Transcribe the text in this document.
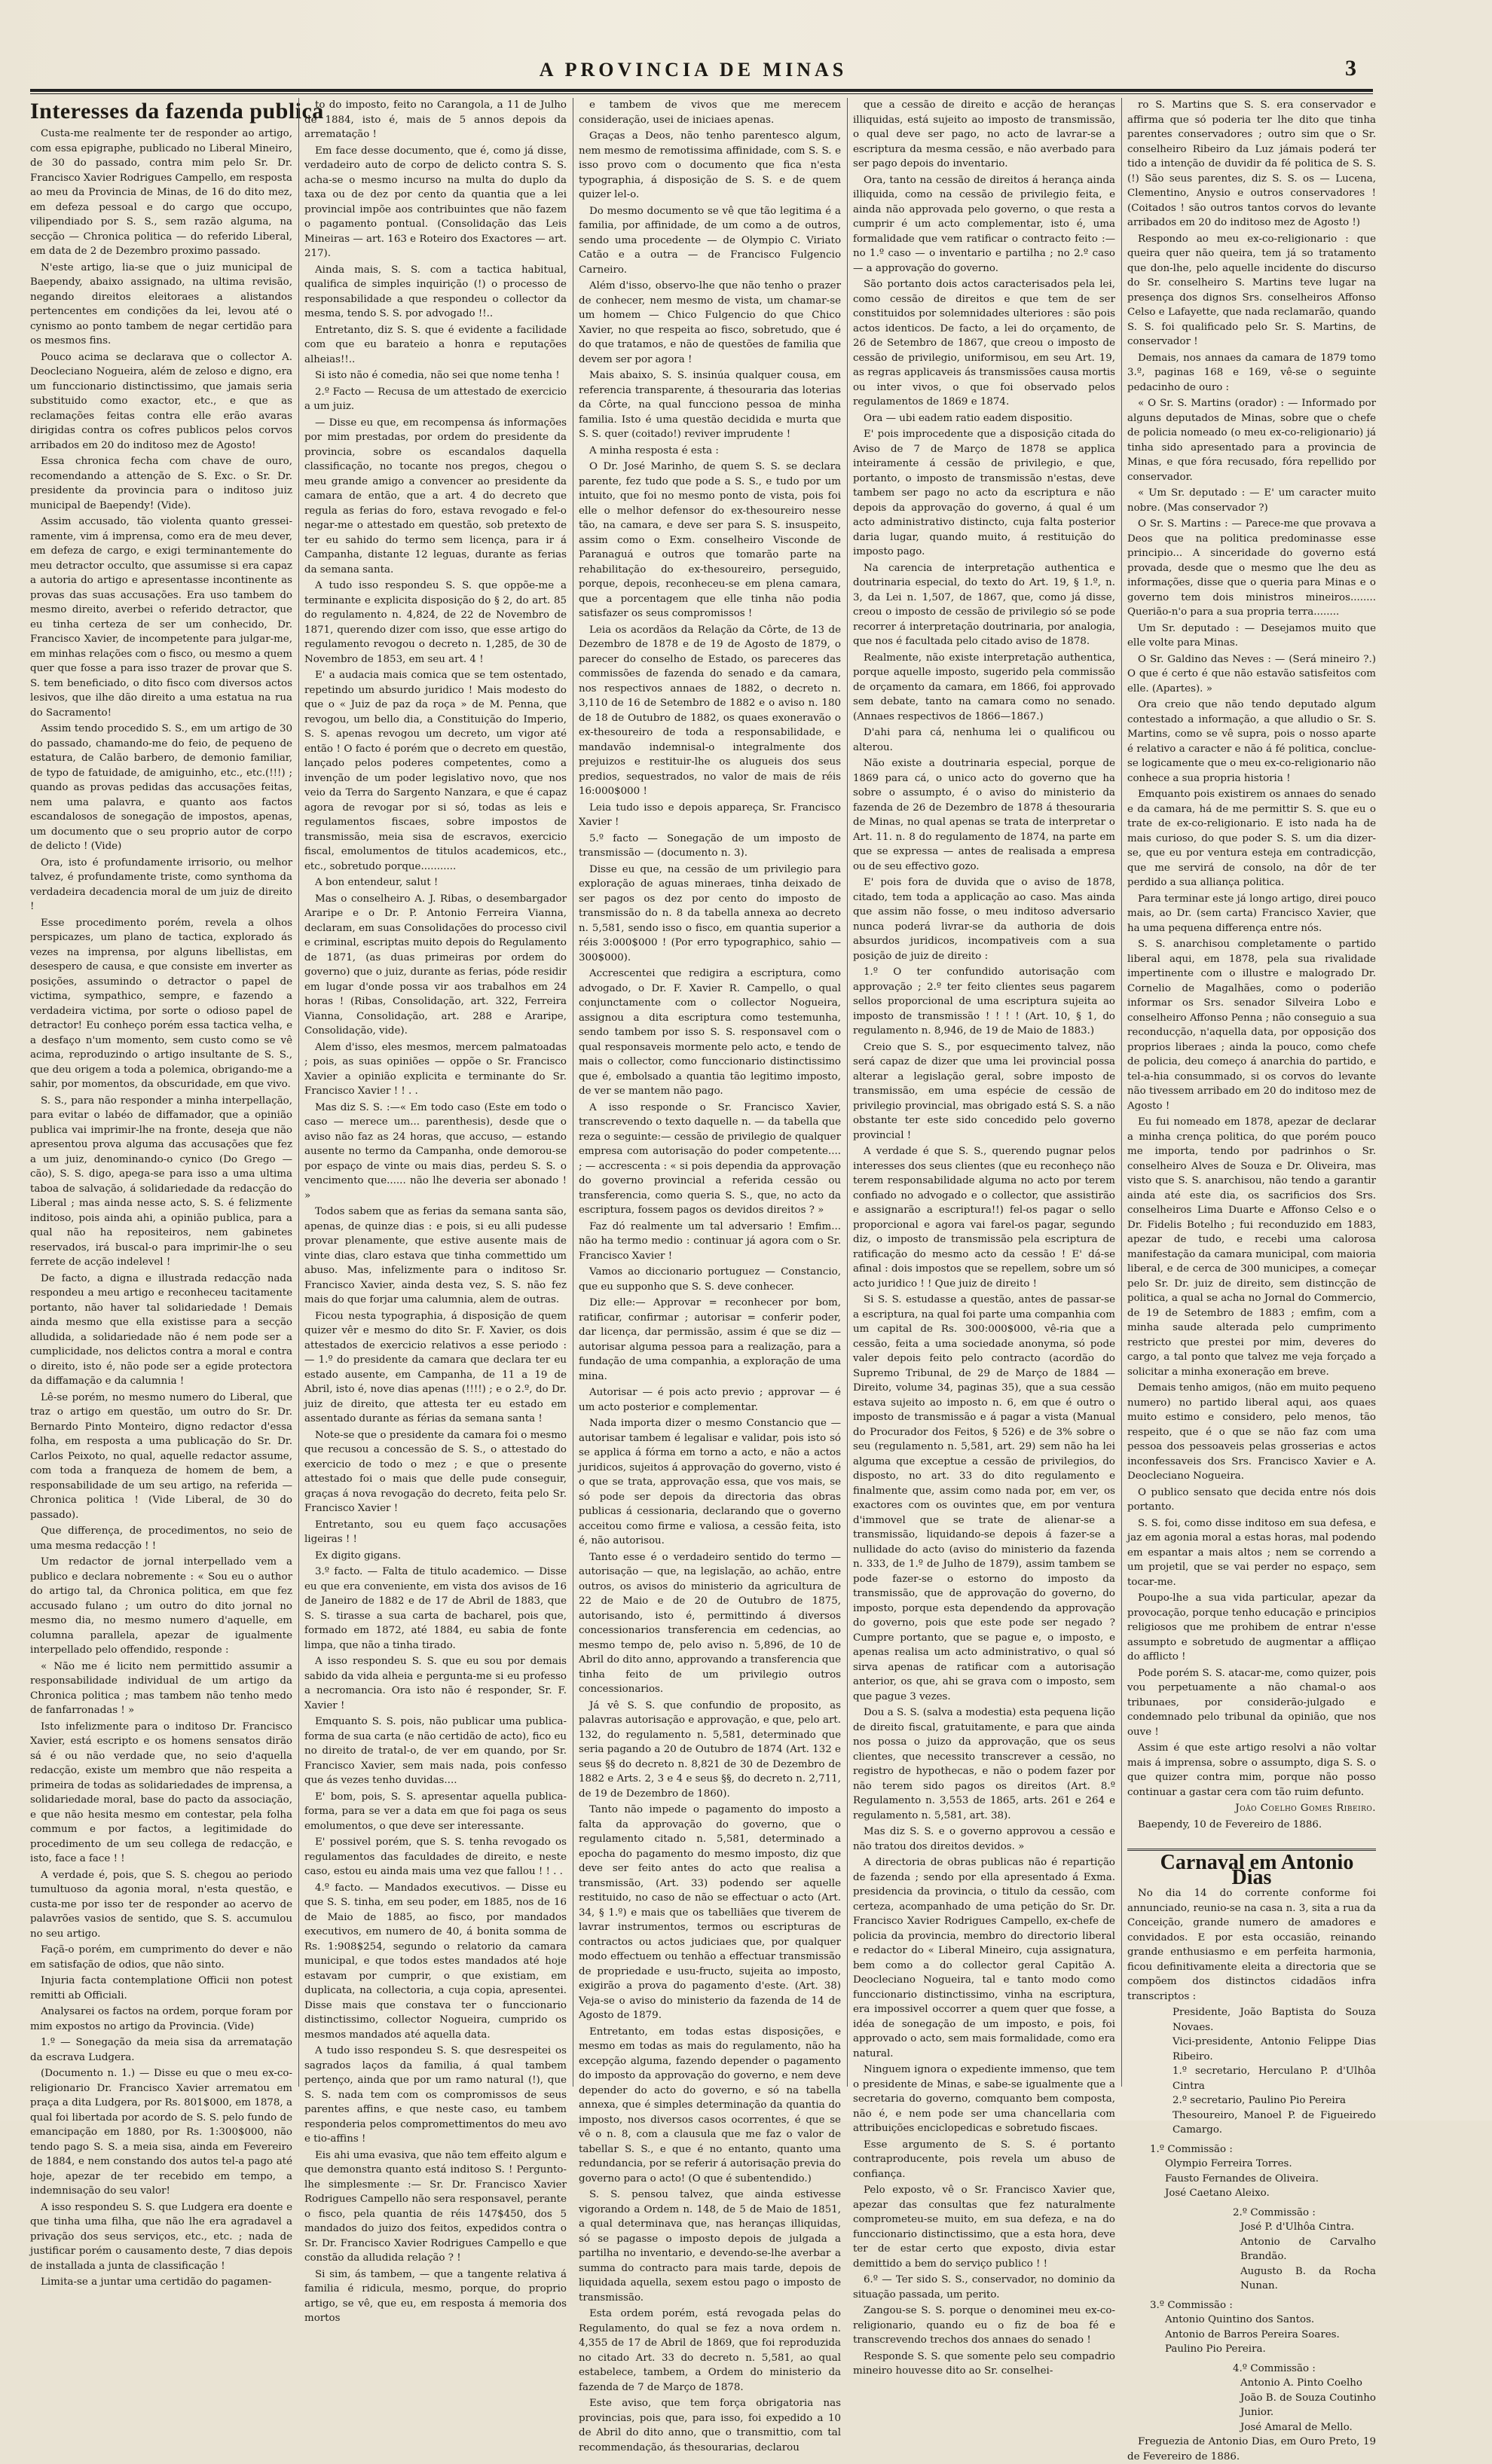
A PROVINCIA DE MINAS	3

Interesses da fazenda publica

Custa-me realmente ter de responder ao artigo, com essa epigraphe, publicado no Liberal Mineiro, de 30 do passado, contra mim pelo Sr. Dr. Francisco Xavier Rodrigues Campello, em resposta ao meu da Provincia de Minas, de 16 do dito mez, em defeza pessoal e do cargo que occupo, vilipendiado por S. S., sem razão alguma, na secção — Chronica politica — do referido Liberal, em data de 2 de Dezembro proximo passado.

N'este artigo, lia-se que o juiz municipal de Baependy, abaixo assignado, na ultima revisão, negando direitos eleitoraes a alistandos pertencentes em condições da lei, levou até o cynismo ao ponto tambem de negar certidão para os mesmos fins.

Pouco acima se declarava que o collector A. Deocleciano Nogueira, além de zeloso e digno, era um funccionario distinctissimo, que jamais seria substituido como exactor, etc., e que as reclamações feitas contra elle erão avaras dirigidas contra os cofres publicos pelos corvos arribados em 20 do inditoso mez de Agosto!

Essa chronica fecha com chave de ouro, recomendando a attenção de S. Exc. o Sr. Dr. presidente da provincia para o inditoso juiz municipal de Baependy! (Vide).

Assim accusado, tão violenta quanto gresseiramente, vim á imprensa, como era de meu dever, em defeza de cargo, e exigi terminantemente do meu detractor occulto, que assumisse si era capaz a autoria do artigo e apresentasse incontinente as provas das suas accusações. Era uso tambem do mesmo direito, averbei o referido detractor, que eu tinha certeza de ser um conhecido, Dr. Francisco Xavier, de incompetente para julgar-me, em minhas relações com o fisco, ou mesmo a quem quer que fosse a para isso trazer de provar que S. S. tem beneficiado, o dito fisco com diversos actos lesivos, que ilhe dão direito a uma estatua na rua do Sacramento!

Assim tendo procedido S. S., em um artigo de 30 do passado, chamando-me do feio, de pequeno de estatura, de Calão barbero, de demonio familiar, de typo de fatuidade, de amiguinho, etc., etc.(!!!) ; quando as provas pedidas das accusações feitas, nem uma palavra, e quanto aos factos escandalosos de sonegação de impostos, apenas, um documento que o seu proprio autor de corpo de delicto ! (Vide)

Ora, isto é profundamente irrisorio, ou melhor talvez, é profundamente triste, como synthoma da verdadeira decadencia moral de um juiz de direito !

Esse procedimento porém, revela a olhos perspicazes, um plano de tactica, explorado ás vezes na imprensa, por alguns libellistas, em desespero de causa, e que consiste em inverter as posições, assumindo o detractor o papel de victima, sympathico, sempre, e fazendo a verdadeira victima, por sorte o odioso papel de detractor! Eu conheço porém essa tactica velha, e a desfaço n'um momento, sem custo como se vê acima, reproduzindo o artigo insultante de S. S., que deu origem a toda a polemica, obrigando-me a sahir, por momentos, da obscuridade, em que vivo.

S. S., para não responder a minha interpellação, para evitar o labéo de diffamador, que a opinião publica vai imprimir-lhe na fronte, deseja que não apresentou prova alguma das accusações que fez a um juiz, denominando-o cynico (Do Grego — cão), S. S. digo, apega-se para isso a uma ultima taboa de salvação, á solidariedade da redacção do Liberal ; mas ainda nesse acto, S. S. é felizmente inditoso, pois ainda ahi, a opinião publica, para a qual não ha repositeiros, nem gabinetes reservados, irá buscal-o para imprimir-lhe o seu ferrete de acção indelevel !

De facto, a digna e illustrada redacção nada respondeu a meu artigo e reconheceu tacitamente portanto, não haver tal solidariedade ! Demais ainda mesmo que ella existisse para a secção alludida, a solidariedade não é nem pode ser a cumplicidade, nos delictos contra a moral e contra o direito, isto é, não pode ser a egide protectora da diffamação e da calumnia !

Lê-se porém, no mesmo numero do Liberal, que traz o artigo em questão, um outro do Sr. Dr. Bernardo Pinto Monteiro, digno redactor d'essa folha, em resposta a uma publicação do Sr. Dr. Carlos Peixoto, no qual, aquelle redactor assume, com toda a franqueza de homem de bem, a responsabilidade de um seu artigo, na referida — Chronica politica ! (Vide Liberal, de 30 do passado).

Que differença, de procedimentos, no seio de uma mesma redacção ! !

Um redactor de jornal interpellado vem a publico e declara nobremente : « Sou eu o author do artigo tal, da Chronica politica, em que fez accusado fulano ; um outro do dito jornal no mesmo dia, no mesmo numero d'aquelle, em columna parallela, apezar de igualmente interpellado pelo offendido, responde :

« Não me é licito nem permittido assumir a responsabilidade individual de um artigo da Chronica politica ; mas tambem não tenho medo de fanfarronadas ! »

Isto infelizmente para o inditoso Dr. Francisco Xavier, está escripto e os homens sensatos dirão sá é ou não verdade que, no seio d'aquella redacção, existe um membro que não respeita a primeira de todas as solidariedades de imprensa, a solidariedade moral, base do pacto da associação, e que não hesita mesmo em contestar, pela folha commum e por factos, a legitimidade do procedimento de um seu collega de redacção, e isto, face a face ! !

A verdade é, pois, que S. S. chegou ao periodo tumultuoso da agonia moral, n'esta questão, e custa-me por isso ter de responder ao acervo de palavrões vasios de sentido, que S. S. accumulou no seu artigo.

Façã-o porém, em cumprimento do dever e não em satisfação de odios, que não sinto.

Injuria facta contemplatione Officii non potest remitti ab Officiali.

Analysarei os factos na ordem, porque foram por mim expostos no artigo da Provincia. (Vide)

1.º — Sonegação da meia sisa da arrematação da escrava Ludgera.

(Documento n. 1.) — Disse eu que o meu ex-co-religionario Dr. Francisco Xavier arrematou em praça a dita Ludgera, por Rs. 801$000, em 1878, a qual foi libertada por acordo de S. S. pelo fundo de emancipação em 1880, por Rs. 1:300$000, não tendo pago S. S. a meia sisa, ainda em Fevereiro de 1884, e nem constando dos autos tel-a pago até hoje, apezar de ter recebido em tempo, a indemnisação do seu valor!

A isso respondeu S. S. que Ludgera era doente e que tinha uma filha, que não lhe era agradavel a privação dos seus serviços, etc., etc. ; nada de justificar porém o causamento deste, 7 dias depois de installada a junta de classificação !

Limita-se a juntar uma certidão do pagamen-

to do imposto, feito no Carangola, a 11 de Julho de 1884, isto é, mais de 5 annos depois da arrematação !

Em face desse documento, que é, como já disse, verdadeiro auto de corpo de delicto contra S. S. acha-se o mesmo incurso na multa do duplo da taxa ou de dez por cento da quantia que a lei provincial impõe aos contribuintes que não fazem o pagamento pontual. (Consolidação das Leis Mineiras — art. 163 e Roteiro dos Exactores — art. 217).

Ainda mais, S. S. com a tactica habitual, qualifica de simples inquirição (!) o processo de responsabilidade a que respondeu o collector da mesma, tendo S. S. por advogado !!..

Entretanto, diz S. S. que é evidente a facilidade com que eu barateio a honra e reputações alheias!!..

Si isto não é comedia, não sei que nome tenha !

2.º Facto — Recusa de um attestado de exercicio a um juiz.

— Disse eu que, em recompensa ás informações por mim prestadas, por ordem do presidente da provincia, sobre os escandalos daquella classificação, no tocante nos pregos, chegou o meu grande amigo a convencer ao presidente da camara de então, que a art. 4 do decreto que regula as ferias do foro, estava revogado e fel-o negar-me o attestado em questão, sob pretexto de ter eu sahido do termo sem licença, para ir á Campanha, distante 12 leguas, durante as ferias da semana santa.

A tudo isso respondeu S. S. que oppõe-me a terminante e explicita disposição do § 2, do art. 85 do regulamento n. 4,824, de 22 de Novembro de 1871, querendo dizer com isso, que esse artigo do regulamento revogou o decreto n. 1,285, de 30 de Novembro de 1853, em seu art. 4 !

E' a audacia mais comica que se tem ostentado, repetindo um absurdo juridico ! Mais modesto do que o « Juiz de paz da roça » de M. Penna, que revogou, um bello dia, a Constituição do Imperio, S. S. apenas revogou um decreto, um vigor até então ! O facto é porém que o decreto em questão, lançado pelos poderes competentes, como a invenção de um poder legislativo novo, que nos veio da Terra do Sargento Nanzara, e que é capaz agora de revogar por si só, todas as leis e regulamentos fiscaes, sobre impostos de transmissão, meia sisa de escravos, exercicio fiscal, emolumentos de titulos academicos, etc., etc., sobretudo porque...........

A bon entendeur, salut !

Mas o conselheiro A. J. Ribas, o desembargador Araripe e o Dr. P. Antonio Ferreira Vianna, declaram, em suas Consolidações do processo civil e criminal, escriptas muito depois do Regulamento de 1871, (as duas primeiras por ordem do governo) que o juiz, durante as ferias, póde residir em lugar d'onde possa vir aos trabalhos em 24 horas ! (Ribas, Consolidação, art. 322, Ferreira Vianna, Consolidação, art. 288 e Araripe, Consolidação, vide).

Alem d'isso, eles mesmos, mercem palmatoadas ; pois, as suas opiniões — oppõe o Sr. Francisco Xavier a opinião explicita e terminante do Sr. Francisco Xavier ! ! . .

Mas diz S. S. :—« Em todo caso (Este em todo o caso — merece um... parenthesis), desde que o aviso não faz as 24 horas, que accuso, — estando ausente no termo da Campanha, onde demorou-se por espaço de vinte ou mais dias, perdeu S. S. o vencimento que...... não lhe deveria ser abonado ! »

Todos sabem que as ferias da semana santa são, apenas, de quinze dias : e pois, si eu alli pudesse provar plenamente, que estive ausente mais de vinte dias, claro estava que tinha commettido um abuso. Mas, infelizmente para o inditoso Sr. Francisco Xavier, ainda desta vez, S. S. não fez mais do que forjar uma calumnia, alem de outras.

Ficou nesta typographia, á disposição de quem quizer vêr e mesmo do dito Sr. F. Xavier, os dois attestados de exercicio relativos a esse periodo : — 1.º do presidente da camara que declara ter eu estado ausente, em Campanha, de 11 a 19 de Abril, isto é, nove dias apenas (!!!!) ; e o 2.º, do Dr. juiz de direito, que attesta ter eu estado em assentado durante as férias da semana santa !

Note-se que o presidente da camara foi o mesmo que recusou a concessão de S. S., o attestado do exercicio de todo o mez ; e que o presente attestado foi o mais que delle pude conseguir, graças á nova revogação do decreto, feita pelo Sr. Francisco Xavier !

Entretanto, sou eu quem faço accusações ligeiras ! !

Ex digito gigans.

3.º facto. — Falta de titulo academico. — Disse eu que era conveniente, em vista dos avisos de 16 de Janeiro de 1882 e de 17 de Abril de 1883, que S. S. tirasse a sua carta de bacharel, pois que, formado em 1872, até 1884, eu sabia de fonte limpa, que não a tinha tirado.

A isso respondeu S. S. que eu sou por demais sabido da vida alheia e pergunta-me si eu professo a necromancia. Ora isto não é responder, Sr. F. Xavier !

Emquanto S. S. pois, não publicar uma publica-forma de sua carta (e não certidão de acto), fico eu no direito de tratal-o, de ver em quando, por Sr. Francisco Xavier, sem mais nada, pois confesso que ás vezes tenho duvidas....

E' bom, pois, S. S. apresentar aquella publica-forma, para se ver a data em que foi paga os seus emolumentos, o que deve ser interessante.

E' possivel porém, que S. S. tenha revogado os regulamentos das faculdades de direito, e neste caso, estou eu ainda mais uma vez que fallou ! ! . .

4.º facto. — Mandados executivos. — Disse eu que S. S. tinha, em seu poder, em 1885, nos de 16 de Maio de 1885, ao fisco, por mandados executivos, em numero de 40, á bonita somma de Rs. 1:908$254, segundo o relatorio da camara municipal, e que todos estes mandados até hoje estavam por cumprir, o que existiam, em duplicata, na collectoria, a cuja copia, apresentei. Disse mais que constava ter o funccionario distinctissimo, collector Nogueira, cumprido os mesmos mandados até aquella data.

A tudo isso respondeu S. S. que desrespeitei os sagrados laços da familia, á qual tambem pertenço, ainda que por um ramo natural (!), que S. S. nada tem com os compromissos de seus parentes affins, e que neste caso, eu tambem responderia pelos compromettimentos do meu avo e tio-affins !

Eis ahi uma evasiva, que não tem effeito algum e que demonstra quanto está inditoso S. ! Pergunto-lhe simplesmente :— Sr. Dr. Francisco Xavier Rodrigues Campello não sera responsavel, perante o fisco, pela quantia de réis 147$450, dos 5 mandados do juizo dos feitos, expedidos contra o Sr. Dr. Francisco Xavier Rodrigues Campello e que constão da alludida relação ? !

Si sim, ás tambem, — que a tangente relativa á familia é ridicula, mesmo, porque, do proprio artigo, se vê, que eu, em resposta á memoria dos mortos

e tambem de vivos que me merecem consideração, usei de iniciaes apenas.

Graças a Deos, não tenho parentesco algum, nem mesmo de remotissima affinidade, com S. S. e isso provo com o documento que fica n'esta typographia, á disposição de S. S. e de quem quizer lel-o.

Do mesmo documento se vê que tão legitima é a familia, por affinidade, de um como a de outros, sendo uma procedente — de Olympio C. Viriato Catão e a outra — de Francisco Fulgencio Carneiro.

Além d'isso, observo-lhe que não tenho o prazer de conhecer, nem mesmo de vista, um chamar-se um homem — Chico Fulgencio do que Chico Xavier, no que respeita ao fisco, sobretudo, que é do que tratamos, e não de questões de familia que devem ser por agora !

Mais abaixo, S. S. insinúa qualquer cousa, em referencia transparente, á thesouraria das loterias da Côrte, na qual funcciono pessoa de minha familia. Isto é uma questão decidida e murta que S. S. quer (coitado!) reviver imprudente !

A minha resposta é esta :

O Dr. José Marinho, de quem S. S. se declara parente, fez tudo que pode a S. S., e tudo por um intuito, que foi no mesmo ponto de vista, pois foi elle o melhor defensor do ex-thesoureiro nesse tão, na camara, e deve ser para S. S. insuspeito, assim como o Exm. conselheiro Visconde de Paranaguá e outros que tomarão parte na rehabilitação do ex-thesoureiro, perseguido, porque, depois, reconheceu-se em plena camara, que a porcentagem que elle tinha não podia satisfazer os seus compromissos !

Leia os acordãos da Relação da Côrte, de 13 de Dezembro de 1878 e de 19 de Agosto de 1879, o parecer do conselho de Estado, os pareceres das commissões de fazenda do senado e da camara, nos respectivos annaes de 1882, o decreto n. 3,110 de 16 de Setembro de 1882 e o aviso n. 180 de 18 de Outubro de 1882, os quaes exoneravão o ex-thesoureiro de toda a responsabilidade, e mandavão indemnisal-o integralmente dos prejuizos e restituir-lhe os alugueis dos seus predios, sequestrados, no valor de mais de réis 16:000$000 !

Leia tudo isso e depois appareça, Sr. Francisco Xavier !

5.º facto — Sonegação de um imposto de transmissão — (documento n. 3).

Disse eu que, na cessão de um privilegio para exploração de aguas mineraes, tinha deixado de ser pagos os dez por cento do imposto de transmissão do n. 8 da tabella annexa ao decreto n. 5,581, sendo isso o fisco, em quantia superior a réis 3:000$000 ! (Por erro typographico, sahio — 300$000).

Accrescentei que redigira a escriptura, como advogado, o Dr. F. Xavier R. Campello, o qual conjunctamente com o collector Nogueira, assignou a dita escriptura como testemunha, sendo tambem por isso S. S. responsavel com o qual responsaveis mormente pelo acto, e tendo de mais o collector, como funccionario distinctissimo que é, embolsado a quantia tão legitimo imposto, de ver se mantem não pago.

A isso responde o Sr. Francisco Xavier, transcrevendo o texto daquelle n. — da tabella que reza o seguinte:— cessão de privilegio de qualquer empresa com autorisação do poder competente.... ; — accrescenta : « si pois dependia da approvação do governo provincial a referida cessão ou transferencia, como queria S. S., que, no acto da escriptura, fossem pagos os devidos direitos ? »

Faz dó realmente um tal adversario ! Emfim... não ha termo medio : continuar já agora com o Sr. Francisco Xavier !

Vamos ao diccionario portuguez — Constancio, que eu supponho que S. S. deve conhecer.

Diz elle:— Approvar = reconhecer por bom, ratificar, confirmar ; autorisar = conferir poder, dar licença, dar permissão, assim é que se diz — autorisar alguma pessoa para a realização, para a fundação de uma companhia, a exploração de uma mina.

Autorisar — é pois acto previo ; approvar — é um acto posterior e complementar.

Nada importa dizer o mesmo Constancio que — autorisar tambem é legalisar e validar, pois isto só se applica á fórma em torno a acto, e não a actos juridicos, sujeitos á approvação do governo, visto é o que se trata, approvação essa, que vos mais, se só pode ser depois da directoria das obras publicas á cessionaria, declarando que o governo acceitou como firme e valiosa, a cessão feita, isto é, não autorisou.

Tanto esse é o verdadeiro sentido do termo — autorisação — que, na legislação, ao achão, entre outros, os avisos do ministerio da agricultura de 22 de Maio e de 20 de Outubro de 1875, autorisando, isto é, permittindo á diversos concessionarios transferencia em cedencias, ao mesmo tempo de, pelo aviso n. 5,896, de 10 de Abril do dito anno, approvando a transferencia que tinha feito de um privilegio outros concessionarios.

Já vê S. S. que confundio de proposito, as palavras autorisação e approvação, e que, pelo art. 132, do regulamento n. 5,581, determinado que seria pagando a 20 de Outubro de 1874 (Art. 132 e seus §§ do decreto n. 8,821 de 30 de Dezembro de 1882 e Arts. 2, 3 e 4 e seus §§, do decreto n. 2,711, de 19 de Dezembro de 1860).

Tanto não impede o pagamento do imposto a falta da approvação do governo, que o regulamento citado n. 5,581, determinado a epocha do pagamento do mesmo imposto, diz que deve ser feito antes do acto que realisa a transmissão, (Art. 33) podendo ser aquelle restituido, no caso de não se effectuar o acto (Art. 34, § 1.º) e mais que os tabelliães que tiverem de lavrar instrumentos, termos ou escripturas de contractos ou actos judiciaes que, por qualquer modo effectuem ou tenhão a effectuar transmissão de propriedade e usu-fructo, sujeita ao imposto, exigirão a prova do pagamento d'este. (Art. 38) Veja-se o aviso do ministerio da fazenda de 14 de Agosto de 1879.

Entretanto, em todas estas disposições, e mesmo em todas as mais do regulamento, não ha excepção alguma, fazendo depender o pagamento do imposto da approvação do governo, e nem deve depender do acto do governo, e só na tabella annexa, que é simples determinação da quantia do imposto, nos diversos casos ocorrentes, é que se vê o n. 8, com a clausula que me faz o valor de tabellar S. S., e que é no entanto, quanto uma redundancia, por se referir á autorisação previa do governo para o acto! (O que é subentendido.)

S. S. pensou talvez, que ainda estivesse vigorando a Ordem n. 148, de 5 de Maio de 1851, a qual determinava que, nas heranças illiquidas, só se pagasse o imposto depois de julgada a partilha no inventario, e devendo-se-lhe averbar a summa do contracto para mais tarde, depois de liquidada aquella, sexem estou pago o imposto de transmissão.

Esta ordem porém, está revogada pelas do Regulamento, do qual se fez a nova ordem n. 4,355 de 17 de Abril de 1869, que foi reproduzida no citado Art. 33 do decreto n. 5,581, ao qual estabelece, tambem, a Ordem do ministerio da fazenda de 7 de Março de 1878.

Este aviso, que tem força obrigatoria nas provincias, pois que, para isso, foi expedido a 10 de Abril do dito anno, que o transmittio, com tal recommendação, ás thesourarias, declarou

que a cessão de direito e acção de heranças illiquidas, está sujeito ao imposto de transmissão, o qual deve ser pago, no acto de lavrar-se a escriptura da mesma cessão, e não averbado para ser pago depois do inventario.

Ora, tanto na cessão de direitos á herança ainda illiquida, como na cessão de privilegio feita, e ainda não approvada pelo governo, o que resta a cumprir é um acto complementar, isto é, uma formalidade que vem ratificar o contracto feito :— no 1.º caso — o inventario e partilha ; no 2.º caso — a approvação do governo.

São portanto dois actos caracterisados pela lei, como cessão de direitos e que tem de ser constituidos por solemnidades ulteriores : são pois actos identicos. De facto, a lei do orçamento, de 26 de Setembro de 1867, que creou o imposto de cessão de privilegio, uniformisou, em seu Art. 19, as regras applicaveis ás transmissões causa mortis ou inter vivos, o que foi observado pelos regulamentos de 1869 e 1874.

Ora — ubi eadem ratio eadem dispositio.

E' pois improcedente que a disposição citada do Aviso de 7 de Março de 1878 se applica inteiramente á cessão de privilegio, e que, portanto, o imposto de transmissão n'estas, deve tambem ser pago no acto da escriptura e não depois da approvação do governo, á qual é um acto administrativo distincto, cuja falta posterior daria lugar, quando muito, á restituição do imposto pago.

Na carencia de interpretação authentica e doutrinaria especial, do texto do Art. 19, § 1.º, n. 3, da Lei n. 1,507, de 1867, que, como já disse, creou o imposto de cessão de privilegio só se pode recorrer á interpretação doutrinaria, por analogia, que nos é facultada pelo citado aviso de 1878.

Realmente, não existe interpretação authentica, porque aquelle imposto, sugerido pela commissão de orçamento da camara, em 1866, foi approvado sem debate, tanto na camara como no senado. (Annaes respectivos de 1866—1867.)

D'ahi para cá, nenhuma lei o qualificou ou alterou.

Não existe a doutrinaria especial, porque de 1869 para cá, o unico acto do governo que ha sobre o assumpto, é o aviso do ministerio da fazenda de 26 de Dezembro de 1878 á thesouraria de Minas, no qual apenas se trata de interpretar o Art. 11. n. 8 do regulamento de 1874, na parte em que se expressa — antes de realisada a empresa ou de seu effectivo gozo.

E' pois fora de duvida que o aviso de 1878, citado, tem toda a applicação ao caso. Mas ainda que assim não fosse, o meu inditoso adversario nunca poderá livrar-se da authoria de dois absurdos juridicos, incompativeis com a sua posição de juiz de direito :

1.º O ter confundido autorisação com approvação ; 2.º ter feito clientes seus pagarem sellos proporcional de uma escriptura sujeita ao imposto de transmissão ! ! ! ! (Art. 10, § 1, do regulamento n. 8,946, de 19 de Maio de 1883.)

Creio que S. S., por esquecimento talvez, não será capaz de dizer que uma lei provincial possa alterar a legislação geral, sobre imposto de transmissão, em uma espécie de cessão de privilegio provincial, mas obrigado está S. S. a não obstante ter este sido concedido pelo governo provincial !

A verdade é que S. S., querendo pugnar pelos interesses dos seus clientes (que eu reconheço não terem responsabilidade alguma no acto por terem confiado no advogado e o collector, que assistirão e assignarão a escriptura!!) fel-os pagar o sello proporcional e agora vai farel-os pagar, segundo diz, o imposto de transmissão pela escriptura de ratificação do mesmo acto da cessão ! E' dá-se afinal : dois impostos que se repellem, sobre um só acto juridico ! ! Que juiz de direito !

Si S. S. estudasse a questão, antes de passar-se a escriptura, na qual foi parte uma companhia com um capital de Rs. 300:000$000, vê-ria que a cessão, feita a uma sociedade anonyma, só pode valer depois feito pelo contracto (acordão do Supremo Tribunal, de 29 de Março de 1884 — Direito, volume 34, paginas 35), que a sua cessão estava sujeito ao imposto n. 6, em que é outro o imposto de transmissão e á pagar a vista (Manual do Procurador dos Feitos, § 526) e de 3% sobre o seu (regulamento n. 5,581, art. 29) sem não ha lei alguma que exceptue a cessão de privilegios, do disposto, no art. 33 do dito regulamento e finalmente que, assim como nada por, em ver, os exactores com os ouvintes que, em por ventura d'immovel que se trate de alienar-se a transmissão, liquidando-se depois á fazer-se a nullidade do acto (aviso do ministerio da fazenda n. 333, de 1.º de Julho de 1879), assim tambem se pode fazer-se o estorno do imposto da transmissão, que de approvação do governo, do imposto, porque esta dependendo da approvação do governo, pois que este pode ser negado ? Cumpre portanto, que se pague e, o imposto, e apenas realisa um acto administrativo, o qual só sirva apenas de ratificar com a autorisação anterior, os que, ahi se grava com o imposto, sem que pague 3 vezes.

Dou a S. S. (salva a modestia) esta pequena lição de direito fiscal, gratuitamente, e para que ainda nos possa o juizo da approvação, que os seus clientes, que necessito transcrever a cessão, no registro de hypothecas, e não o podem fazer por não terem sido pagos os direitos (Art. 8.º Regulamento n. 3,553 de 1865, arts. 261 e 264 e regulamento n. 5,581, art. 38).

Mas diz S. S. e o governo approvou a cessão e não tratou dos direitos devidos. »

A directoria de obras publicas não é repartição de fazenda ; sendo por ella apresentado á Exma. presidencia da provincia, o titulo da cessão, com certeza, acompanhado de uma petição do Sr. Dr. Francisco Xavier Rodrigues Campello, ex-chefe de policia da provincia, membro do directorio liberal e redactor do « Liberal Mineiro, cuja assignatura, bem como a do collector geral Capitão A. Deocleciano Nogueira, tal e tanto modo como funccionario distinctissimo, vinha na escriptura, era impossivel occorrer a quem quer que fosse, a idéa de sonegação de um imposto, e pois, foi approvado o acto, sem mais formalidade, como era natural.

Ninguem ignora o expediente immenso, que tem o presidente de Minas, e sabe-se igualmente que a secretaria do governo, comquanto bem composta, não é, e nem pode ser uma chancellaria com attribuições enciclopedicas e sobretudo fiscaes.

Esse argumento de S. S. é portanto contraproducente, pois revela um abuso de confiança.

Pelo exposto, vê o Sr. Francisco Xavier que, apezar das consultas que fez naturalmente comprometeu-se muito, em sua defeza, e na do funccionario distinctissimo, que a esta hora, deve ter de estar certo que exposto, divia estar demittido a bem do serviço publico ! !

6.º — Ter sido S. S., conservador, no dominio da situação passada, um perito.

Zangou-se S. S. porque o denominei meu ex-co-religionario, quando eu o fiz de boa fé e transcrevendo trechos dos annaes do senado !

Responde S. S. que somente pelo seu compadrio mineiro houvesse dito ao Sr. conselhei-

ro S. Martins que S. S. era conservador e affirma que só poderia ter lhe dito que tinha parentes conservadores ; outro sim que o Sr. conselheiro Ribeiro da Luz jámais poderá ter tido a intenção de duvidir da fé politica de S. S. (!) São seus parentes, diz S. S. os — Lucena, Clementino, Anysio e outros conservadores ! (Coitados ! são outros tantos corvos do levante arribados em 20 do inditoso mez de Agosto !)

Respondo ao meu ex-co-religionario : que queira quer não queira, tem já so tratamento que don-lhe, pelo aquelle incidente do discurso do Sr. conselheiro S. Martins teve lugar na presença dos dignos Srs. conselheiros Affonso Celso e Lafayette, que nada reclamarão, quando S. S. foi qualificado pelo Sr. S. Martins, de conservador !

Demais, nos annaes da camara de 1879 tomo 3.º, paginas 168 e 169, vê-se o seguinte pedacinho de ouro :

« O Sr. S. Martins (orador) : — Informado por alguns deputados de Minas, sobre que o chefe de policia nomeado (o meu ex-co-religionario) já tinha sido apresentado para a provincia de Minas, e que fóra recusado, fóra repellido por conservador.

« Um Sr. deputado : — E' um caracter muito nobre. (Mas conservador ?)

O Sr. S. Martins : — Parece-me que provava a Deos que na politica predominasse esse principio... A sinceridade do governo está provada, desde que o mesmo que lhe deu as informações, disse que o queria para Minas e o governo tem dois ministros mineiros........ Querião-n'o para a sua propria terra........

Um Sr. deputado : — Desejamos muito que elle volte para Minas.

O Sr. Galdino das Neves : — (Será mineiro ?.) O que é certo é que não estavão satisfeitos com elle. (Apartes). »

Ora creio que não tendo deputado algum contestado a informação, a que alludio o Sr. S. Martins, como se vê supra, pois o nosso aparte é relativo a caracter e não á fé politica, conclue-se logicamente que o meu ex-co-religionario não conhece a sua propria historia !

Emquanto pois existirem os annaes do senado e da camara, há de me permittir S. S. que eu o trate de ex-co-religionario. E isto nada ha de mais curioso, do que poder S. S. um dia dizer-se, que eu por ventura esteja em contradicção, que me servirá de consolo, na dôr de ter perdido a sua alliança politica.

Para terminar este já longo artigo, direi pouco mais, ao Dr. (sem carta) Francisco Xavier, que ha uma pequena differença entre nós.

S. S. anarchisou completamente o partido liberal aqui, em 1878, pela sua rivalidade impertinente com o illustre e malogrado Dr. Cornelio de Magalhães, como o poderião informar os Srs. senador Silveira Lobo e conselheiro Affonso Penna ; não conseguio a sua reconducção, n'aquella data, por opposição dos proprios liberaes ; ainda la pouco, como chefe de policia, deu começo á anarchia do partido, e tel-a-hia consummado, si os corvos do levante não tivessem arribado em 20 do inditoso mez de Agosto !

Eu fui nomeado em 1878, apezar de declarar a minha crença politica, do que porém pouco me importa, tendo por padrinhos o Sr. conselheiro Alves de Souza e Dr. Oliveira, mas visto que S. S. anarchisou, não tendo a garantir ainda até este dia, os sacrificios dos Srs. conselheiros Lima Duarte e Affonso Celso e o Dr. Fidelis Botelho ; fui reconduzido em 1883, apezar de tudo, e recebi uma calorosa manifestação da camara municipal, com maioria liberal, e de cerca de 300 municipes, a começar pelo Sr. Dr. juiz de direito, sem distincção de politica, a qual se acha no Jornal do Commercio, de 19 de Setembro de 1883 ; emfim, com a minha saude alterada pelo cumprimento restricto que prestei por mim, deveres do cargo, a tal ponto que talvez me veja forçado a solicitar a minha exoneração em breve.

Demais tenho amigos, (não em muito pequeno numero) no partido liberal aqui, aos quaes muito estimo e considero, pelo menos, tão respeito, que é o que se não faz com uma pessoa dos pessoaveis pelas grosserias e actos inconfessaveis dos Srs. Francisco Xavier e A. Deocleciano Nogueira.

O publico sensato que decida entre nós dois portanto.

S. S. foi, como disse inditoso em sua defesa, e jaz em agonia moral a estas horas, mal podendo em espantar a mais altos ; nem se correndo a um projetil, que se vai perder no espaço, sem tocar-me.

Poupo-lhe a sua vida particular, apezar da provocação, porque tenho educação e principios religiosos que me prohibem de entrar n'esse assumpto e sobretudo de augmentar a affliçao do afflicto !

Pode porém S. S. atacar-me, como quizer, pois vou perpetuamente a não chamal-o aos tribunaes, por considerão-julgado e condemnado pelo tribunal da opinião, que nos ouve !

Assim é que este artigo resolvi a não voltar mais á imprensa, sobre o assumpto, diga S. S. o que quizer contra mim, porque não posso continuar a gastar cera com tão ruim defunto.

João Coelho Gomes Ribeiro.

Baependy, 10 de Fevereiro de 1886.

Carnaval em Antonio Dias

No dia 14 do corrente conforme foi annunciado, reunio-se na casa n. 3, sita a rua da Conceição, grande numero de amadores e convidados. E por esta occasião, reinando grande enthusiasmo e em perfeita harmonia, ficou definitivamente eleita a directoria que se compõem dos distinctos cidadãos infra transcriptos :

Presidente, João Baptista do Souza Novaes.
Vici-presidente, Antonio Felippe Dias Ribeiro.
1.º secretario, Herculano P. d'Ulhôa Cintra
2.º secretario, Paulino Pio Pereira
Thesoureiro, Manoel P. de Figueiredo Camargo.
1.º Commissão :
Olympio Ferreira Torres.
Fausto Fernandes de Oliveira.
José Caetano Aleixo.
2.º Commissão :
José P. d'Ulhôa Cintra.
Antonio de Carvalho Brandão.
Augusto B. da Rocha Nunan.
3.º Commissão :
Antonio Quintino dos Santos.
Antonio de Barros Pereira Soares.
Paulino Pio Pereira.
4.º Commissão :
Antonio A. Pinto Coelho
João B. de Souza Coutinho Junior.
José Amaral de Mello.

Freguezia de Antonio Dias, em Ouro Preto, 19 de Fevereiro de 1886.
